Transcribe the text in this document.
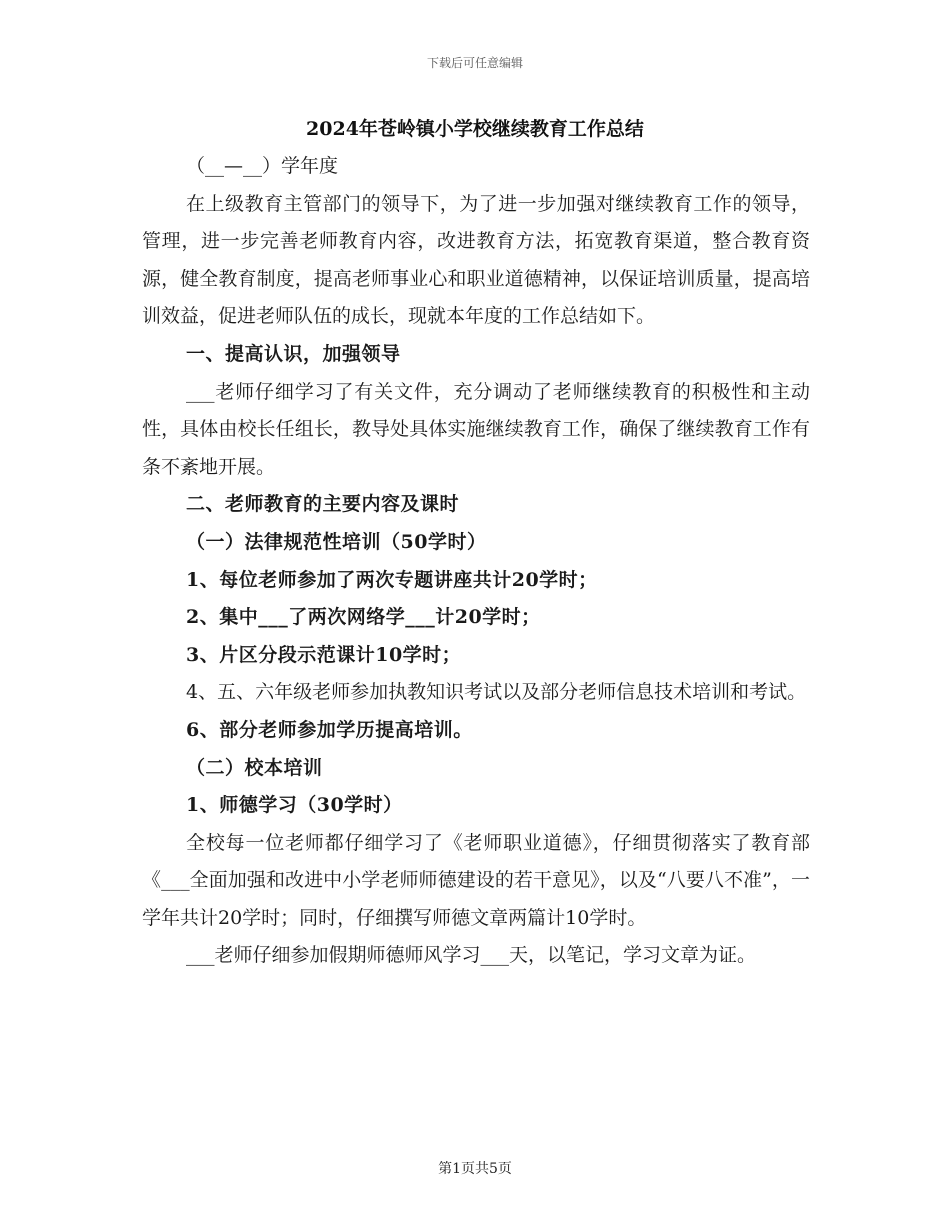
下载后可任意编辑
2024年苍岭镇小学校继续教育工作总结

（__—__）学年度

在上级教育主管部门的领导下，为了进一步加强对继续教育工作的领导，管理，进一步完善老师教育内容，改进教育方法，拓宽教育渠道，整合教育资源，健全教育制度，提高老师事业心和职业道德精神，以保证培训质量，提高培训效益，促进老师队伍的成长，现就本年度的工作总结如下。

一、提高认识，加强领导

___老师仔细学习了有关文件，充分调动了老师继续教育的积极性和主动性，具体由校长任组长，教导处具体实施继续教育工作，确保了继续教育工作有条不紊地开展。

二、老师教育的主要内容及课时

（一）法律规范性培训（50学时）

1、每位老师参加了两次专题讲座共计20学时；

2、集中___了两次网络学___计20学时；

3、片区分段示范课计10学时；

4、五、六年级老师参加执教知识考试以及部分老师信息技术培训和考试。

6、部分老师参加学历提高培训。

（二）校本培训

1、师德学习（30学时）

全校每一位老师都仔细学习了《老师职业道德》，仔细贯彻落实了教育部《___全面加强和改进中小学老师师德建设的若干意见》，以及“八要八不准”，一学年共计20学时；同时，仔细撰写师德文章两篇计10学时。

___老师仔细参加假期师德师风学习___天，以笔记，学习文章为证。

第1页共5页
